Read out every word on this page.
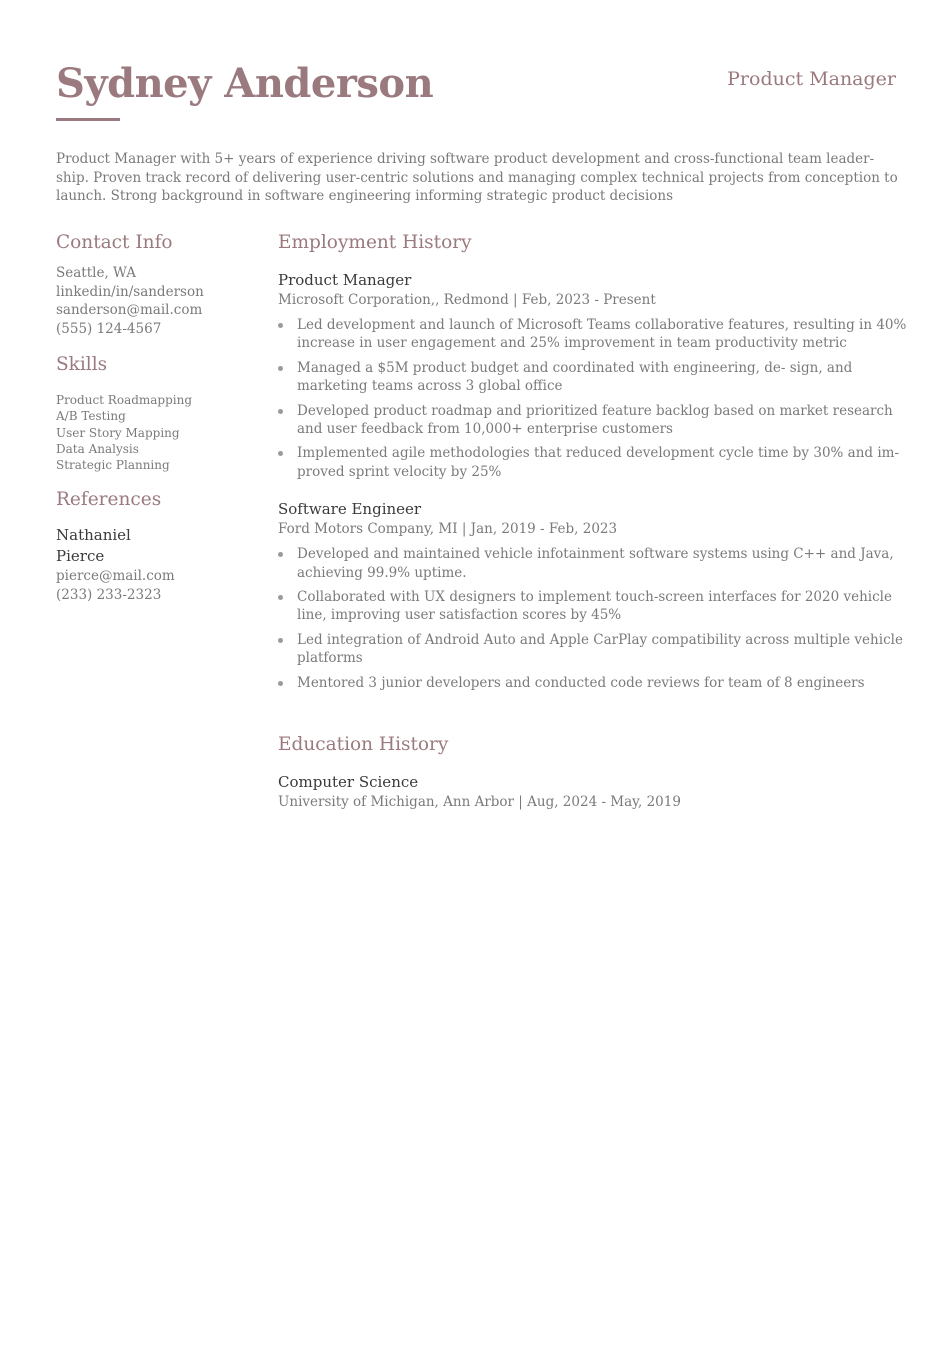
Sydney Anderson	Product Manager

Product Manager with 5+ years of experience driving software product development and cross-functional team leader-ship. Proven track record of delivering user-centric solutions and managing complex technical projects from conception to launch. Strong background in software engineering informing strategic product decisions

Contact Info
Seattle, WA
linkedin/in/sanderson
sanderson@mail.com
(555) 124-4567
Skills
Product Roadmapping
A/B Testing
User Story Mapping
Data Analysis
Strategic Planning
References
Nathaniel
Pierce
pierce@mail.com
(233) 233-2323
Employment History
Product Manager
Microsoft Corporation,, Redmond | Feb, 2023 - Present
Led development and launch of Microsoft Teams collaborative features, resulting in 40% increase in user engagement and 25% improvement in team productivity metric
Managed a $5M product budget and coordinated with engineering, de- sign, and marketing teams across 3 global office
Developed product roadmap and prioritized feature backlog based on market research and user feedback from 10,000+ enterprise customers
Implemented agile methodologies that reduced development cycle time by 30% and im- proved sprint velocity by 25%
Software Engineer
Ford Motors Company, MI | Jan, 2019 - Feb, 2023
Developed and maintained vehicle infotainment software systems using C++ and Java, achieving 99.9% uptime.
Collaborated with UX designers to implement touch-screen interfaces for 2020 vehicle line, improving user satisfaction scores by 45%
Led integration of Android Auto and Apple CarPlay compatibility across multiple vehicle platforms
Mentored 3 junior developers and conducted code reviews for team of 8 engineers
Education History
Computer Science
University of Michigan, Ann Arbor | Aug, 2024 - May, 2019
